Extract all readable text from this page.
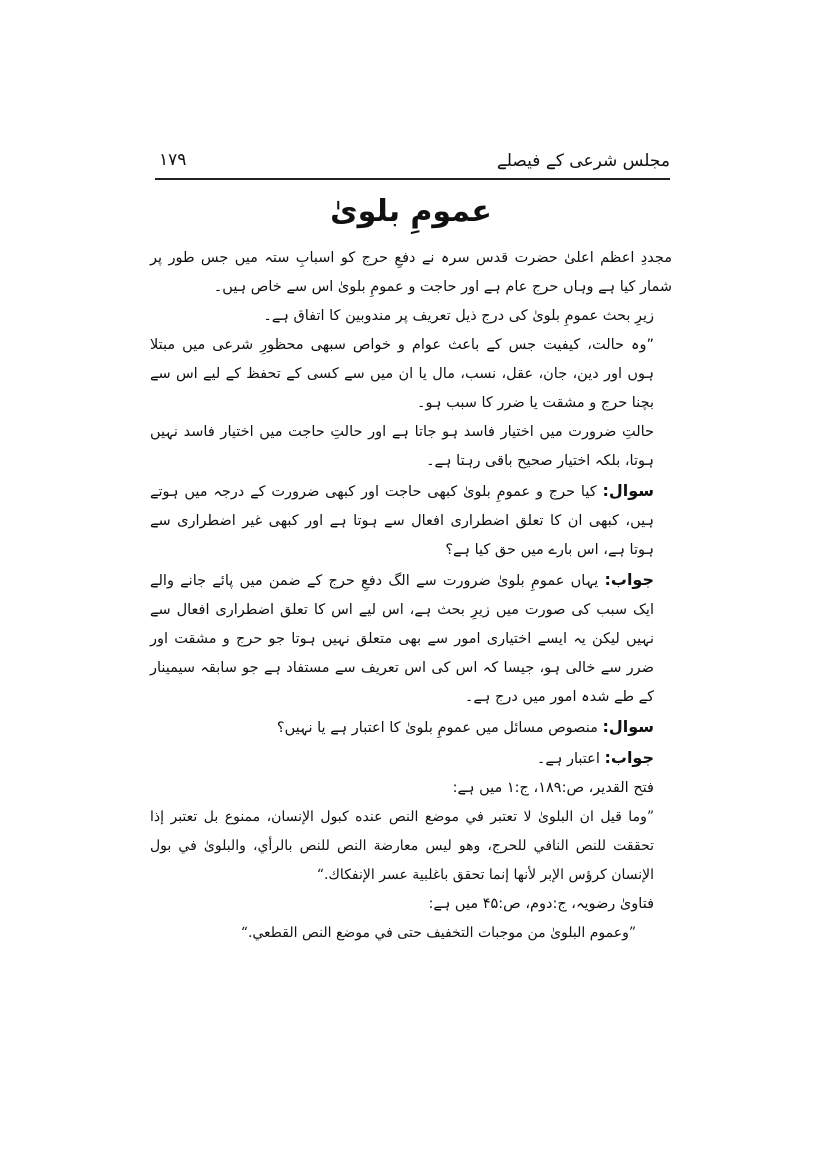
مجلس شرعی کے فیصلے
۱۷۹
عمومِ بلویٰ

مجددِ اعظم اعلیٰ حضرت قدس سرہ نے دفعِ حرج کو اسبابِ ستہ میں جس طور پر شمار کیا ہے وہاں حرج عام ہے اور حاجت و عمومِ بلویٰ اس سے خاص ہیں۔

زیرِ بحث عمومِ بلویٰ کی درج ذیل تعریف پر مندوبین کا اتفاق ہے۔

”وہ حالت، کیفیت جس کے باعث عوام و خواص سبھی محظورِ شرعی میں مبتلا ہوں اور دین، جان، عقل، نسب، مال یا ان میں سے کسی کے تحفظ کے لیے اس سے بچنا حرج و مشقت یا ضرر کا سبب ہو۔

حالتِ ضرورت میں اختیار فاسد ہو جاتا ہے اور حالتِ حاجت میں اختیار فاسد نہیں ہوتا، بلکہ اختیار صحیح باقی رہتا ہے۔

سوال: کیا حرج و عمومِ بلویٰ کبھی حاجت اور کبھی ضرورت کے درجہ میں ہوتے ہیں، کبھی ان کا تعلق اضطراری افعال سے ہوتا ہے اور کبھی غیر اضطراری سے ہوتا ہے، اس بارے میں حق کیا ہے؟

جواب: یہاں عمومِ بلویٰ ضرورت سے الگ دفعِ حرج کے ضمن میں پائے جانے والے ایک سبب کی صورت میں زیرِ بحث ہے، اس لیے اس کا تعلق اضطراری افعال سے نہیں لیکن یہ ایسے اختیاری امور سے بھی متعلق نہیں ہوتا جو حرج و مشقت اور ضرر سے خالی ہو، جیسا کہ اس کی اس تعریف سے مستفاد ہے جو سابقہ سیمینار کے طے شدہ امور میں درج ہے۔

سوال: منصوص مسائل میں عمومِ بلویٰ کا اعتبار ہے یا نہیں؟

جواب: اعتبار ہے۔

فتح القدیر، ص:۱۸۹، ج:۱ میں ہے:

”وما قيل ان البلوىٰ لا تعتبر في موضع النص عنده كبول الإنسان، ممنوع بل تعتبر إذا تحققت للنص النافي للحرج، وهو ليس معارضة النص للنص بالرأي، والبلوىٰ في بول الإنسان كرؤس الإبر لأنها إنما تحقق باغلبية عسر الإنفكاك.“

فتاویٰ رضویہ، ج:دوم، ص:۴۵ میں ہے:

”وعموم البلوىٰ من موجبات التخفيف حتى في موضع النص القطعي.“
